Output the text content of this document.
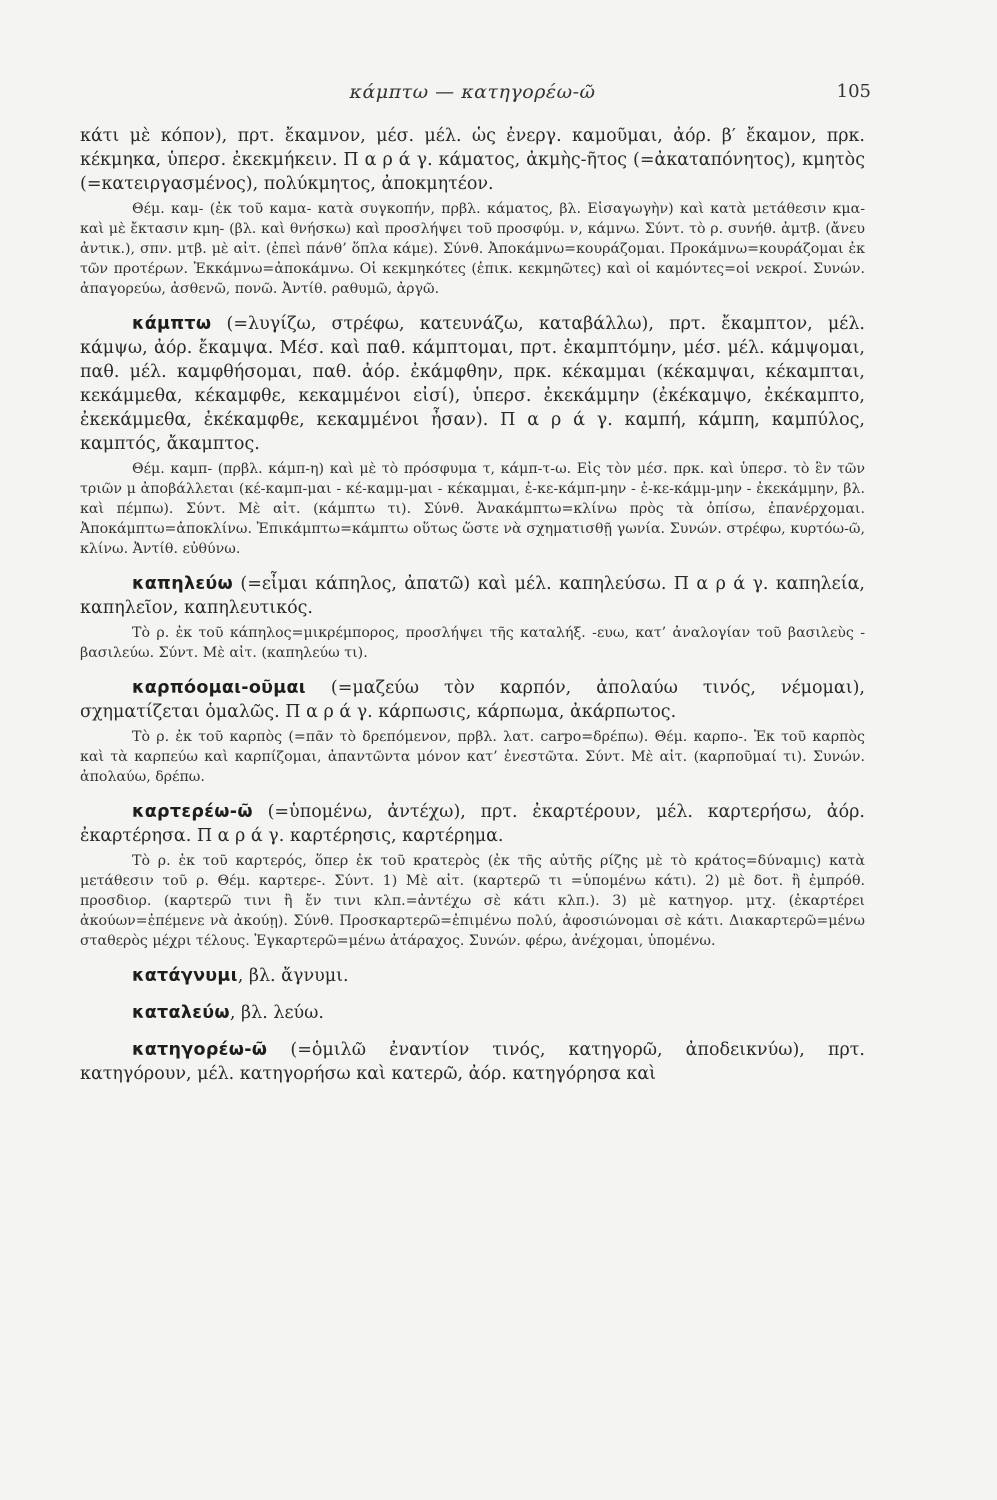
κάμπτω — κατηγορέω-ῶ	105

κάτι μὲ κόπον), πρτ. ἔκαμνον, μέσ. μέλ. ὡς ἐνεργ. καμοῦμαι, ἀόρ. β′ ἔκαμον, πρκ. κέκμηκα, ὑπερσ. ἐκεκμήκειν. Π α ρ ά γ. κάματος, ἀκμὴς-ῆτος (=ἀκαταπόνητος), κμητὸς (=κατειργασμένος), πολύκμητος, ἀποκμητέον.

Θέμ. καμ- (ἐκ τοῦ καμα- κατὰ συγκοπήν, πρβλ. κάματος, βλ. Εἰσαγωγὴν) καὶ κατὰ μετάθεσιν κμα- καὶ μὲ ἔκτασιν κμη- (βλ. καὶ θνήσκω) καὶ προσλήψει τοῦ προσφύμ. ν, κάμνω. Σύντ. τὸ ρ. συνήθ. ἀμτβ. (ἄνευ ἀντικ.), σπν. μτβ. μὲ αἰτ. (ἐπεὶ πάνθ’ ὅπλα κάμε). Σύνθ. Ἀποκάμνω=κουράζομαι. Προκάμνω=κουράζομαι ἐκ τῶν προτέρων. Ἐκκάμνω=ἀποκάμνω. Οἱ κεκμηκότες (ἐπικ. κεκμηῶτες) καὶ οἱ καμόντες=οἱ νεκροί. Συνών. ἀπαγορεύω, ἀσθενῶ, πονῶ. Ἀντίθ. ραθυμῶ, ἀργῶ.

κάμπτω (=λυγίζω, στρέφω, κατευνάζω, καταβάλλω), πρτ. ἔκαμπτον, μέλ. κάμψω, ἀόρ. ἔκαμψα. Μέσ. καὶ παθ. κάμπτομαι, πρτ. ἐκαμπτόμην, μέσ. μέλ. κάμψομαι, παθ. μέλ. καμφθήσομαι, παθ. ἀόρ. ἐκάμφθην, πρκ. κέκαμμαι (κέκαμψαι, κέκαμπται, κεκάμμεθα, κέκαμφθε, κεκαμμένοι εἰσί), ὑπερσ. ἐκεκάμμην (ἐκέκαμψο, ἐκέκαμπτο, ἐκεκάμμεθα, ἐκέκαμφθε, κεκαμμένοι ἦσαν). Π α ρ ά γ. καμπή, κάμπη, καμπύλος, καμπτός, ἄκαμπτος.

Θέμ. καμπ- (πρβλ. κάμπ-η) καὶ μὲ τὸ πρόσφυμα τ, κάμπ-τ-ω. Εἰς τὸν μέσ. πρκ. καὶ ὑπερσ. τὸ ἓν τῶν τριῶν μ ἀποβάλλεται (κέ-καμπ-μαι - κέ-καμμ-μαι - κέκαμμαι, ἐ-κε-κάμπ-μην - ἐ-κε-κάμμ-μην - ἐκεκάμμην, βλ. καὶ πέμπω). Σύντ. Μὲ αἰτ. (κάμπτω τι). Σύνθ. Ἀνακάμπτω=κλίνω πρὸς τὰ ὀπίσω, ἐπανέρχομαι. Ἀποκάμπτω=ἀποκλίνω. Ἐπικάμπτω=κάμπτω οὕτως ὥστε νὰ σχηματισθῇ γωνία. Συνών. στρέφω, κυρτόω-ῶ, κλίνω. Ἀντίθ. εὐθύνω.

καπηλεύω (=εἶμαι κάπηλος, ἀπατῶ) καὶ μέλ. καπηλεύσω. Π α ρ ά γ. καπηλεία, καπηλεῖον, καπηλευτικός.

Τὸ ρ. ἐκ τοῦ κάπηλος=μικρέμπορος, προσλήψει τῆς καταλήξ. -ευω, κατ’ ἀναλογίαν τοῦ βασιλεὺς - βασιλεύω. Σύντ. Μὲ αἰτ. (καπηλεύω τι).

καρπόομαι-οῦμαι (=μαζεύω τὸν καρπόν, ἀπολαύω τινός, νέμομαι), σχηματίζεται ὁμαλῶς. Π α ρ ά γ. κάρπωσις, κάρπωμα, ἀκάρπωτος.

Τὸ ρ. ἐκ τοῦ καρπὸς (=πᾶν τὸ δρεπόμενον, πρβλ. λατ. carpo=δρέπω). Θέμ. καρπο-. Ἐκ τοῦ καρπὸς καὶ τὰ καρπεύω καὶ καρπίζομαι, ἀπαντῶντα μόνον κατ’ ἐνεστῶτα. Σύντ. Μὲ αἰτ. (καρποῦμαί τι). Συνών. ἀπολαύω, δρέπω.

καρτερέω-ῶ (=ὑπομένω, ἀντέχω), πρτ. ἐκαρτέρουν, μέλ. καρτερήσω, ἀόρ. ἐκαρτέρησα. Π α ρ ά γ. καρτέρησις, καρτέρημα.

Τὸ ρ. ἐκ τοῦ καρτερός, ὅπερ ἐκ τοῦ κρατερὸς (ἐκ τῆς αὐτῆς ρίζης μὲ τὸ κράτος=δύναμις) κατὰ μετάθεσιν τοῦ ρ. Θέμ. καρτερε-. Σύντ. 1) Μὲ αἰτ. (καρτερῶ τι =ὑπομένω κάτι). 2) μὲ δοτ. ἢ ἐμπρόθ. προσδιορ. (καρτερῶ τινι ἢ ἔν τινι κλπ.=ἀντέχω σὲ κάτι κλπ.). 3) μὲ κατηγορ. μτχ. (ἐκαρτέρει ἀκούων=ἐπέμενε νὰ ἀκούῃ). Σύνθ. Προσκαρτερῶ=ἐπιμένω πολύ, ἀφοσιώνομαι σὲ κάτι. Διακαρτερῶ=μένω σταθερὸς μέχρι τέλους. Ἐγκαρτερῶ=μένω ἀτάραχος. Συνών. φέρω, ἀνέχομαι, ὑπομένω.

κατάγνυμι, βλ. ἄγνυμι.

καταλεύω, βλ. λεύω.

κατηγορέω-ῶ (=ὁμιλῶ ἐναντίον τινός, κατηγορῶ, ἀποδεικνύω), πρτ. κατηγόρουν, μέλ. κατηγορήσω καὶ κατερῶ, ἀόρ. κατηγόρησα καὶ
